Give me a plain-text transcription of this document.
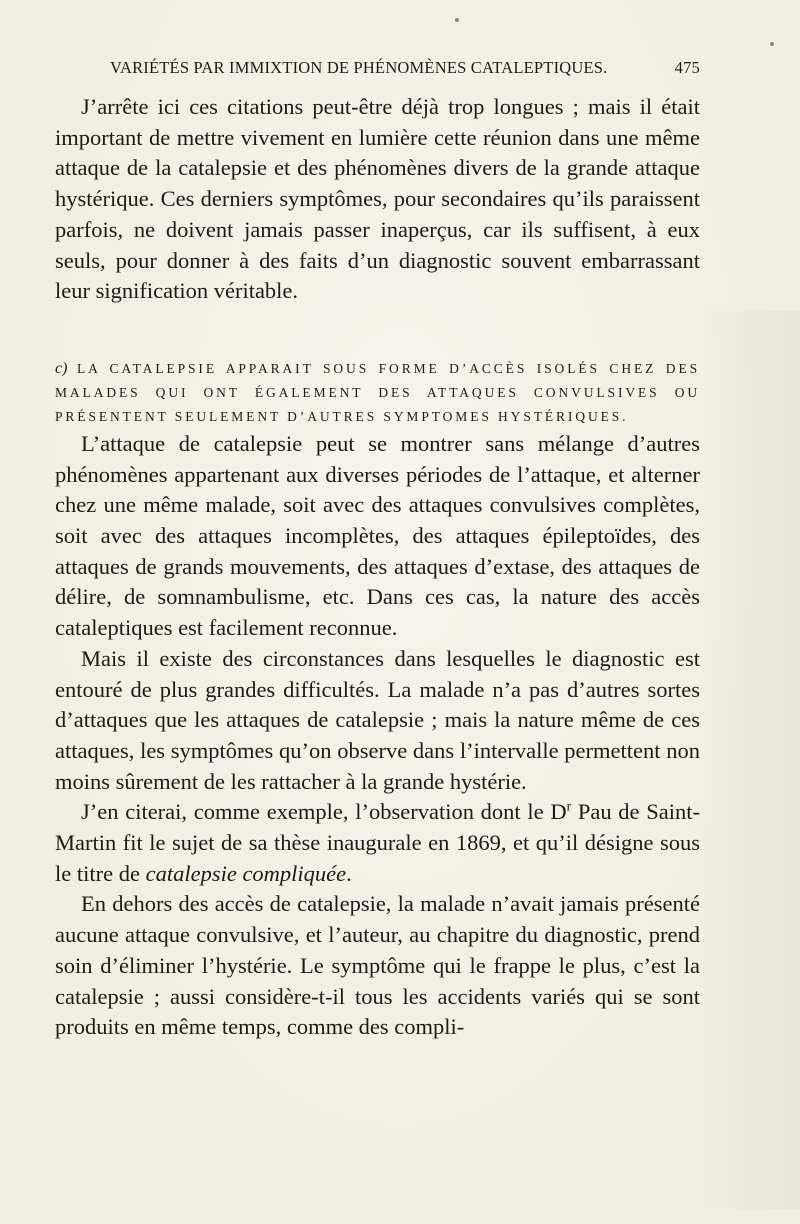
VARIÉTÉS PAR IMMIXTION DE PHÉNOMÈNES CATALEPTIQUES.	475

J’arrête ici ces citations peut-être déjà trop longues ; mais il était important de mettre vivement en lumière cette réunion dans une même attaque de la catalepsie et des phénomènes divers de la grande attaque hystérique. Ces derniers symptômes, pour secondaires qu’ils paraissent parfois, ne doivent jamais passer inaperçus, car ils suffisent, à eux seuls, pour donner à des faits d’un diagnostic souvent embarrassant leur signification véritable.

c) LA CATALEPSIE APPARAIT SOUS FORME D’ACCÈS ISOLÉS CHEZ DES MALADES QUI ONT ÉGALEMENT DES ATTAQUES CONVULSIVES OU PRÉSENTENT SEULEMENT D’AUTRES SYMPTOMES HYSTÉRIQUES.

L’attaque de catalepsie peut se montrer sans mélange d’autres phénomènes appartenant aux diverses périodes de l’attaque, et alterner chez une même malade, soit avec des attaques convulsives complètes, soit avec des attaques incomplètes, des attaques épileptoïdes, des attaques de grands mouvements, des attaques d’extase, des attaques de délire, de somnambulisme, etc. Dans ces cas, la nature des accès cataleptiques est facilement reconnue.

Mais il existe des circonstances dans lesquelles le diagnostic est entouré de plus grandes difficultés. La malade n’a pas d’autres sortes d’attaques que les attaques de catalepsie ; mais la nature même de ces attaques, les symptômes qu’on observe dans l’intervalle permettent non moins sûrement de les rattacher à la grande hystérie.

J’en citerai, comme exemple, l’observation dont le $D^r$ Pau de Saint-Martin fit le sujet de sa thèse inaugurale en 1869, et qu’il désigne sous le titre de catalepsie compliquée.

En dehors des accès de catalepsie, la malade n’avait jamais présenté aucune attaque convulsive, et l’auteur, au chapitre du diagnostic, prend soin d’éliminer l’hystérie. Le symptôme qui le frappe le plus, c’est la catalepsie ; aussi considère-t-il tous les accidents variés qui se sont produits en même temps, comme des compli-
